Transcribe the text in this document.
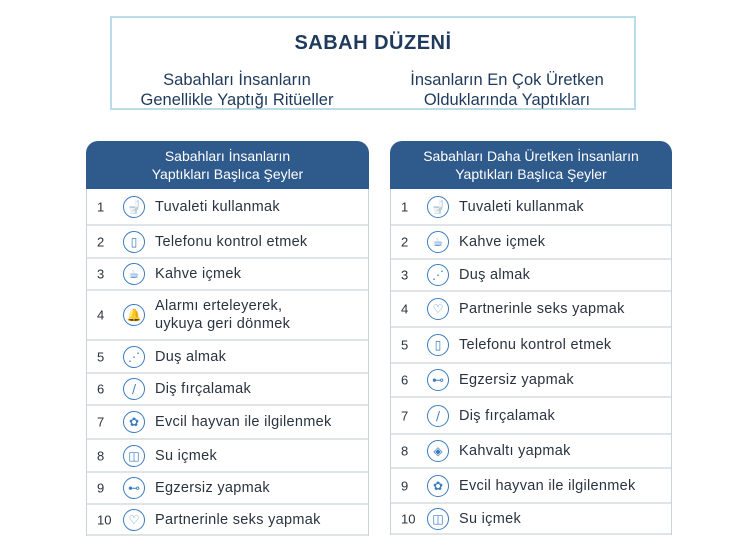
SABAH DÜZENİ
Sabahları İnsanların
Genellikle Yaptığı Ritüeller
İnsanların En Çok Üretken
Olduklarında Yaptıkları
Sabahları İnsanların
Yaptıkları Başlıca Şeyler
1	🚽 Tuvaleti kullanmak
2	▯	Telefonu kontrol etmek
3	☕	Kahve içmek
4	🔔
Alarmı erteleyerek,
uykuya geri dönmek
5	⋰	Duş almak
6	/	Diş fırçalamak
7	✿	Evcil hayvan ile ilgilenmek
8	◫	Su içmek
9	⊷	Egzersiz yapmak
10	♡	Partnerinle seks yapmak
Sabahları Daha Üretken İnsanların
Yaptıkları Başlıca Şeyler
1	🚽 Tuvaleti kullanmak
2	☕	Kahve içmek
3	⋰	Duş almak
4	♡	Partnerinle seks yapmak
5	▯	Telefonu kontrol etmek
6	⊷	Egzersiz yapmak
7	/	Diş fırçalamak
8	◈	Kahvaltı yapmak
9	✿	Evcil hayvan ile ilgilenmek
10	◫	Su içmek
